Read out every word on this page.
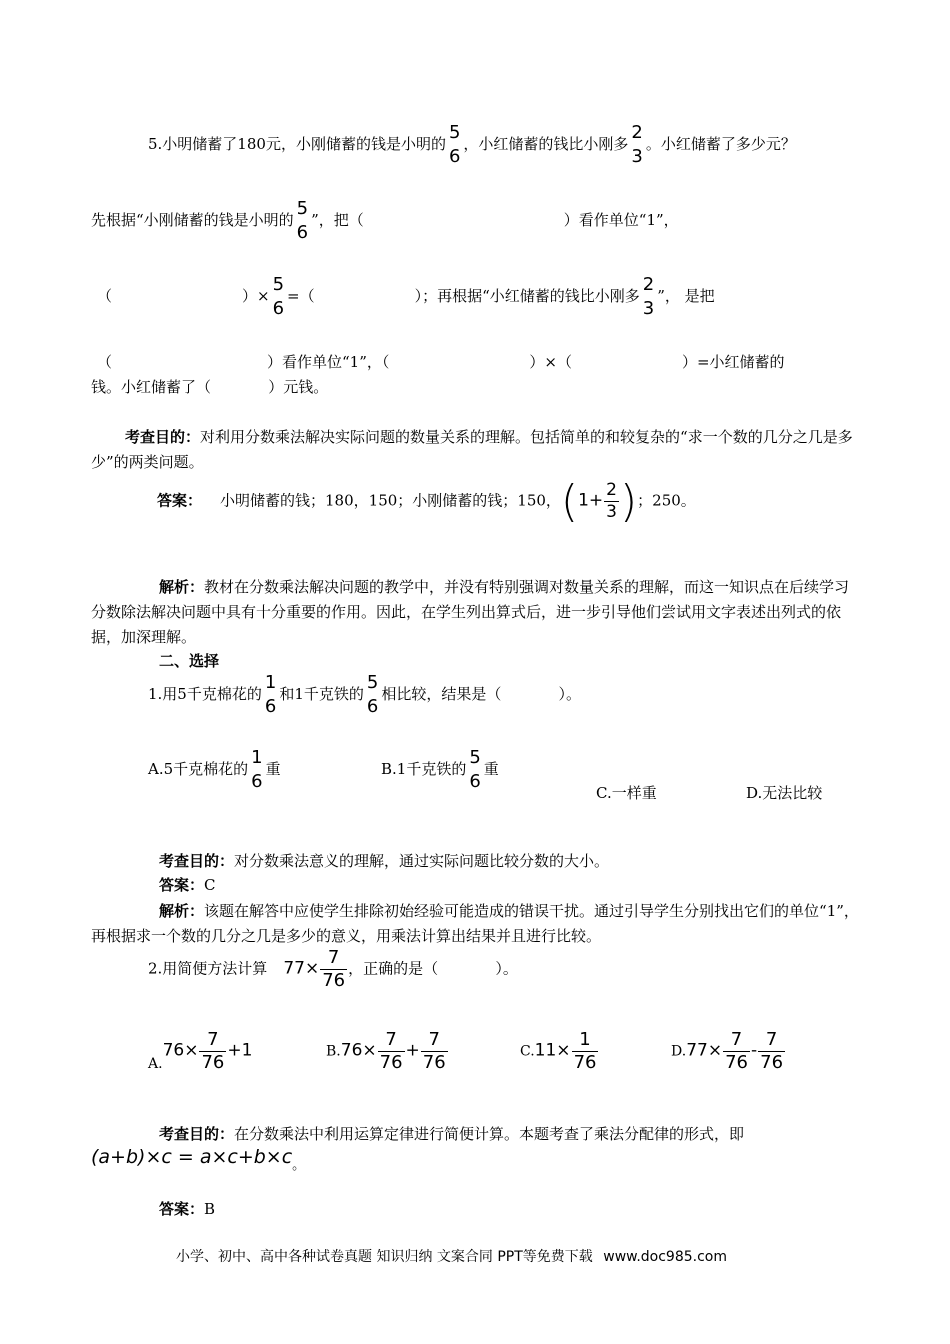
5.小明储蓄了180元，小刚储蓄的钱是小明的
5
6
，小红储蓄的钱比小刚多
2
3
。小红储蓄了多少元？
先根据“小刚储蓄的钱是小明的
5
6
”，把（	）看作单位“1”，
（	）×
5
6
=（	）；再根据“小红储蓄的钱比小刚多
2
3
”， 是把
（	）看作单位“1”，（	）×（	）=小红储蓄的
钱。小红储蓄了（            ）元钱。
考查目的：对利用分数乘法解决实际问题的数量关系的理解。包括简单的和较复杂的“求一个数的几分之几是多少”的两类问题。
答案： 小明储蓄的钱；180，150；小刚储蓄的钱；150，($1+ \frac{2}{3}$ )；250。
解析：教材在分数乘法解决问题的教学中，并没有特别强调对数量关系的理解，而这一知识点在后续学习分数除法解决问题中具有十分重要的作用。因此，在学生列出算式后，进一步引导他们尝试用文字表述出列式的依据，加深理解。
二、选择
1.用5千克棉花的
1
6
和1千克铁的
5
6
相比较，结果是（            ）。
A.5千克棉花的
1
6
重	B.1千克铁的
5
6
重
C.一样重	D.无法比较
考查目的：对分数乘法意义的理解，通过实际问题比较分数的大小。
答案：C
解析：该题在解答中应使学生排除初始经验可能造成的错误干扰。通过引导学生分别找出它们的单位“1”，再根据求一个数的几分之几是多少的意义，用乘法计算出结果并且进行比较。
2.用简便方法计算 $77\times \frac{7}{76}$ ，正确的是（            ）。
$A.76\times \frac{7}{76} +1$	$B.76\times \frac{7}{76} + \frac{7}{76}$	$C.11\times \frac{1}{76}$	$D.77\times \frac{7}{76} - \frac{7}{76}$
考查目的：在分数乘法中利用运算定律进行简便计算。本题考查了乘法分配律的形式，即
(a+b)×c = a×c+b×c。
答案：B
小学、初中、高中各种试卷真题 知识归纳 文案合同 PPT等免费下载 www.doc985.com
